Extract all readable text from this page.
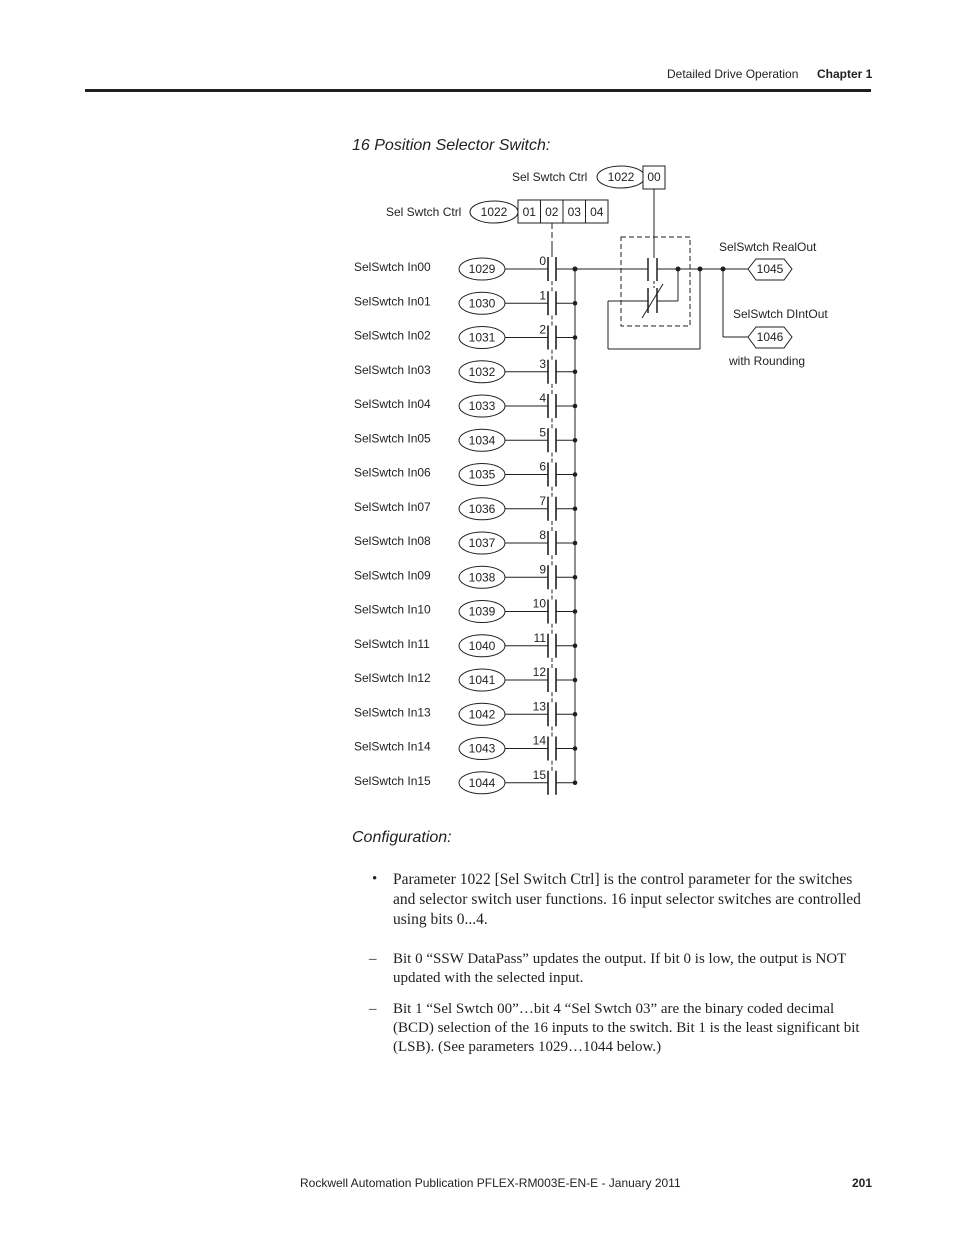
Detailed Drive Operation Chapter 1
16 Position Selector Switch:
Sel Swtch Ctrl 1022 00
Sel Swtch Ctrl 1022 01 02 03 04
SelSwtch In00	1029
0
SelSwtch In01	1030
1
SelSwtch In02	1031
2
SelSwtch In03	1032
3
SelSwtch In04	1033
4
SelSwtch In05	1034
5
SelSwtch In06	1035
6
SelSwtch In07	1036
7
SelSwtch In08	1037
8
SelSwtch In09	1038
9
SelSwtch In10	1039
10
SelSwtch In11	1040
11
SelSwtch In12	1041
12
SelSwtch In13	1042
13
SelSwtch In14	1043
14
SelSwtch In15	1044
15
SelSwtch RealOut
1045
SelSwtch DIntOut
1046
with Rounding
Configuration:
• Parameter 1022 [Sel Switch Ctrl] is the control parameter for the switches and selector switch user functions. 16 input selector switches are controlled using bits 0...4.
– Bit 0 “SSW DataPass” updates the output. If bit 0 is low, the output is NOT updated with the selected input.
– Bit 1 “Sel Swtch 00”…bit 4 “Sel Swtch 03” are the binary coded decimal (BCD) selection of the 16 inputs to the switch. Bit 1 is the least significant bit (LSB). (See parameters 1029…1044 below.)
Rockwell Automation Publication PFLEX-RM003E-EN-E - January 2011	201
